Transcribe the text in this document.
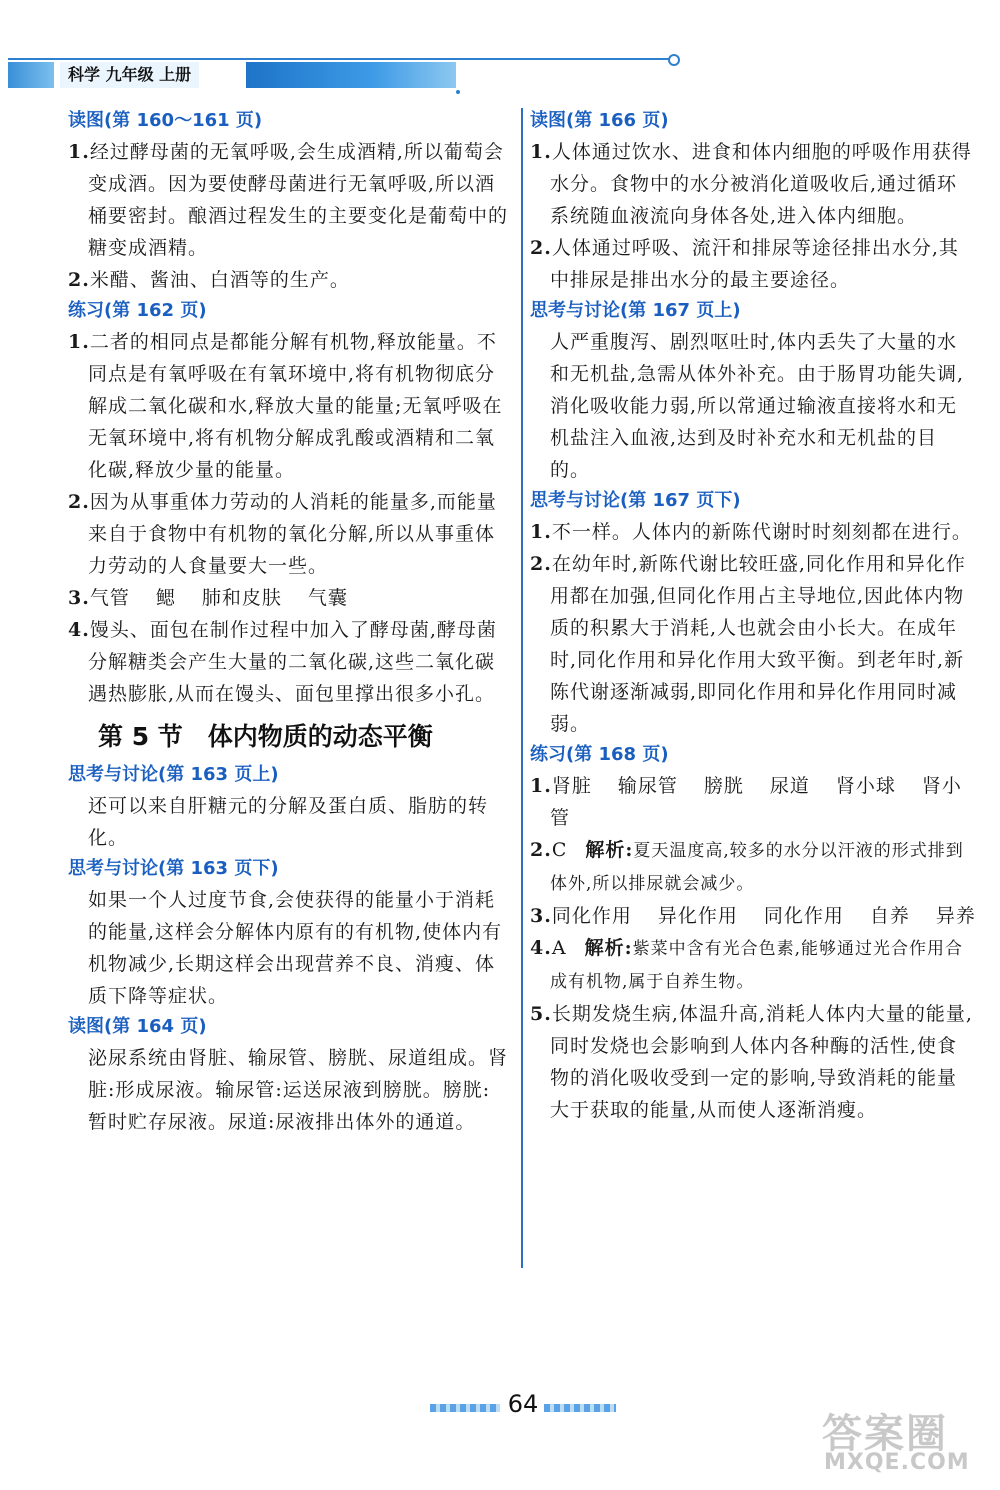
科学 九年级 上册

读图(第 160～161 页)

1.经过酵母菌的无氧呼吸,会生成酒精,所以葡萄会变成酒。因为要使酵母菌进行无氧呼吸,所以酒桶要密封。酿酒过程发生的主要变化是葡萄中的糖变成酒精。

2.米醋、酱油、白酒等的生产。

练习(第 162 页)

1.二者的相同点是都能分解有机物,释放能量。不同点是有氧呼吸在有氧环境中,将有机物彻底分解成二氧化碳和水,释放大量的能量;无氧呼吸在无氧环境中,将有机物分解成乳酸或酒精和二氧化碳,释放少量的能量。

2.因为从事重体力劳动的人消耗的能量多,而能量来自于食物中有机物的氧化分解,所以从事重体力劳动的人食量要大一些。

3.气管 鳃 肺和皮肤 气囊

4.馒头、面包在制作过程中加入了酵母菌,酵母菌分解糖类会产生大量的二氧化碳,这些二氧化碳遇热膨胀,从而在馒头、面包里撑出很多小孔。

第 5 节　体内物质的动态平衡

思考与讨论(第 163 页上)

还可以来自肝糖元的分解及蛋白质、脂肪的转化。

思考与讨论(第 163 页下)

如果一个人过度节食,会使获得的能量小于消耗的能量,这样会分解体内原有的有机物,使体内有机物减少,长期这样会出现营养不良、消瘦、体质下降等症状。

读图(第 164 页)

泌尿系统由肾脏、输尿管、膀胱、尿道组成。肾脏:形成尿液。输尿管:运送尿液到膀胱。膀胱:暂时贮存尿液。尿道:尿液排出体外的通道。

读图(第 166 页)

1.人体通过饮水、进食和体内细胞的呼吸作用获得水分。食物中的水分被消化道吸收后,通过循环系统随血液流向身体各处,进入体内细胞。

2.人体通过呼吸、流汗和排尿等途径排出水分,其中排尿是排出水分的最主要途径。

思考与讨论(第 167 页上)

人严重腹泻、剧烈呕吐时,体内丢失了大量的水和无机盐,急需从体外补充。由于肠胃功能失调,消化吸收能力弱,所以常通过输液直接将水和无机盐注入血液,达到及时补充水和无机盐的目的。

思考与讨论(第 167 页下)

1.不一样。人体内的新陈代谢时时刻刻都在进行。

2.在幼年时,新陈代谢比较旺盛,同化作用和异化作用都在加强,但同化作用占主导地位,因此体内物质的积累大于消耗,人也就会由小长大。在成年时,同化作用和异化作用大致平衡。到老年时,新陈代谢逐渐减弱,即同化作用和异化作用同时减弱。

练习(第 168 页)

1.肾脏 输尿管 膀胱 尿道 肾小球 肾小管

2.C 解析:夏天温度高,较多的水分以汗液的形式排到体外,所以排尿就会减少。

3.同化作用 异化作用 同化作用 自养 异养

4.A 解析:紫菜中含有光合色素,能够通过光合作用合成有机物,属于自养生物。

5.长期发烧生病,体温升高,消耗人体内大量的能量,同时发烧也会影响到人体内各种酶的活性,使食物的消化吸收受到一定的影响,导致消耗的能量大于获取的能量,从而使人逐渐消瘦。

64
答案圈
MXQE.COM
